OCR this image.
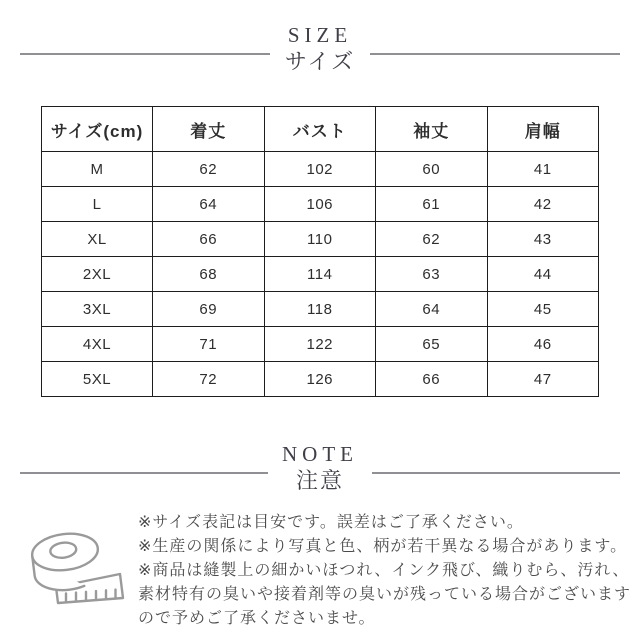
SIZE
サイズ
サイズ(cm)	着丈	バスト	袖丈	肩幅
M	62	102	60	41
L	64	106	61	42
XL	66	110	62	43
2XL	68	114	63	44
3XL	69	118	64	45
4XL	71	122	65	46
5XL	72	126	66	47
NOTE
注意
※サイズ表記は目安です。誤差はご了承ください。
※生産の関係により写真と色、柄が若干異なる場合があります。
※商品は縫製上の細かいほつれ、インク飛び、織りむら、汚れ、
素材特有の臭いや接着剤等の臭いが残っている場合がございます
ので予めご了承くださいませ。
